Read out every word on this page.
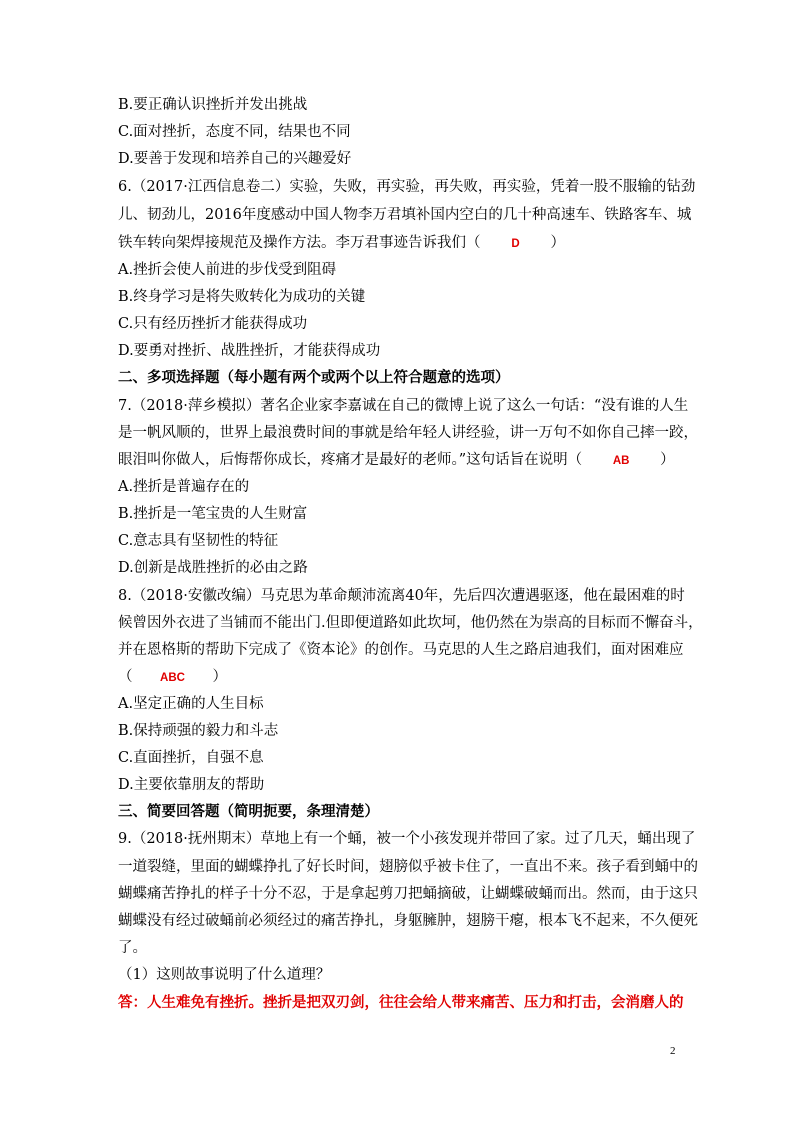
B.要正确认识挫折并发出挑战
C.面对挫折，态度不同，结果也不同
D.要善于发现和培养自己的兴趣爱好
6.（2017·江西信息卷二）实验，失败，再实验，再失败，再实验，凭着一股不服输的钻劲
儿、韧劲儿，2016年度感动中国人物李万君填补国内空白的几十种高速车、铁路客车、城
铁车转向架焊接规范及操作方法。李万君事迹告诉我们（	D ）
A.挫折会使人前进的步伐受到阻碍
B.终身学习是将失败转化为成功的关键
C.只有经历挫折才能获得成功
D.要勇对挫折、战胜挫折，才能获得成功
二、多项选择题（每小题有两个或两个以上符合题意的选项）
7.（2018·萍乡模拟）著名企业家李嘉诚在自己的微博上说了这么一句话：“没有谁的人生
是一帆风顺的，世界上最浪费时间的事就是给年轻人讲经验，讲一万句不如你自己摔一跤，
眼泪叫你做人，后悔帮你成长，疼痛才是最好的老师。”这句话旨在说明（	AB ）
A.挫折是普遍存在的
B.挫折是一笔宝贵的人生财富
C.意志具有坚韧性的特征
D.创新是战胜挫折的必由之路
8.（2018·安徽改编）马克思为革命颠沛流离40年，先后四次遭遇驱逐，他在最困难的时
候曾因外衣进了当铺而不能出门.但即便道路如此坎坷，他仍然在为崇高的目标而不懈奋斗，
并在恩格斯的帮助下完成了《资本论》的创作。马克思的人生之路启迪我们，面对困难应
（ ABC ）
A.坚定正确的人生目标
B.保持顽强的毅力和斗志
C.直面挫折，自强不息
D.主要依靠朋友的帮助
三、简要回答题（简明扼要，条理清楚）
9.（2018·抚州期末）草地上有一个蛹，被一个小孩发现并带回了家。过了几天，蛹出现了
一道裂缝，里面的蝴蝶挣扎了好长时间，翅膀似乎被卡住了，一直出不来。孩子看到蛹中的
蝴蝶痛苦挣扎的样子十分不忍，于是拿起剪刀把蛹摘破，让蝴蝶破蛹而出。然而，由于这只
蝴蝶没有经过破蛹前必须经过的痛苦挣扎，身躯臃肿，翅膀干瘪，根本飞不起来，不久便死
了。
（1）这则故事说明了什么道理？
答：人生难免有挫折。挫折是把双刃剑，往往会给人带来痛苦、压力和打击，会消磨人的
2
